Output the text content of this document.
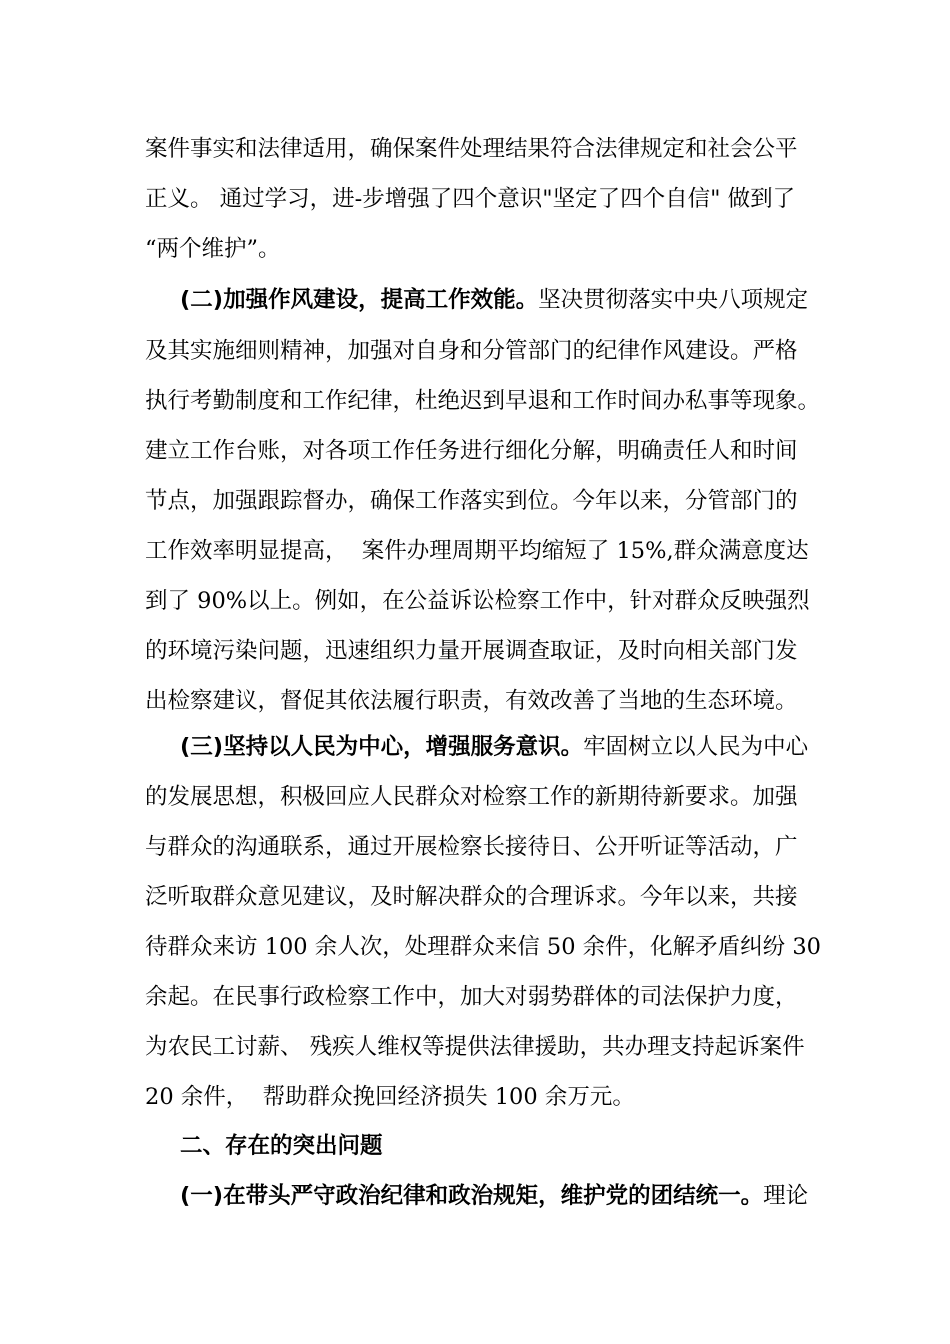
案件事实和法律适用，确保案件处理结果符合法律规定和社会公平
正义。 通过学习，进-步增强了四个意识"坚定了四个自信" 做到了
“两个维护”。
(二)加强作风建设，提高工作效能。坚决贯彻落实中央八项规定
及其实施细则精神，加强对自身和分管部门的纪律作风建设。严格
执行考勤制度和工作纪律，杜绝迟到早退和工作时间办私事等现象。
建立工作台账，对各项工作任务进行细化分解，明确责任人和时间
节点，加强跟踪督办，确保工作落实到位。今年以来，分管部门的
工作效率明显提高，  案件办理周期平均缩短了 15%,群众满意度达
到了 90%以上。例如，在公益诉讼检察工作中，针对群众反映强烈
的环境污染问题，迅速组织力量开展调查取证，及时向相关部门发
出检察建议，督促其依法履行职责，有效改善了当地的生态环境。
(三)坚持以人民为中心，增强服务意识。牢固树立以人民为中心
的发展思想，积极回应人民群众对检察工作的新期待新要求。加强
与群众的沟通联系，通过开展检察长接待日、公开听证等活动，广
泛听取群众意见建议，及时解决群众的合理诉求。今年以来，共接
待群众来访 100 余人次，处理群众来信 50 余件，化解矛盾纠纷 30
余起。在民事行政检察工作中，加大对弱势群体的司法保护力度，
为农民工讨薪、 残疾人维权等提供法律援助，共办理支持起诉案件
20 余件，  帮助群众挽回经济损失 100 余万元。
二、存在的突出问题
(一)在带头严守政治纪律和政治规矩，维护党的团结统一。理论
